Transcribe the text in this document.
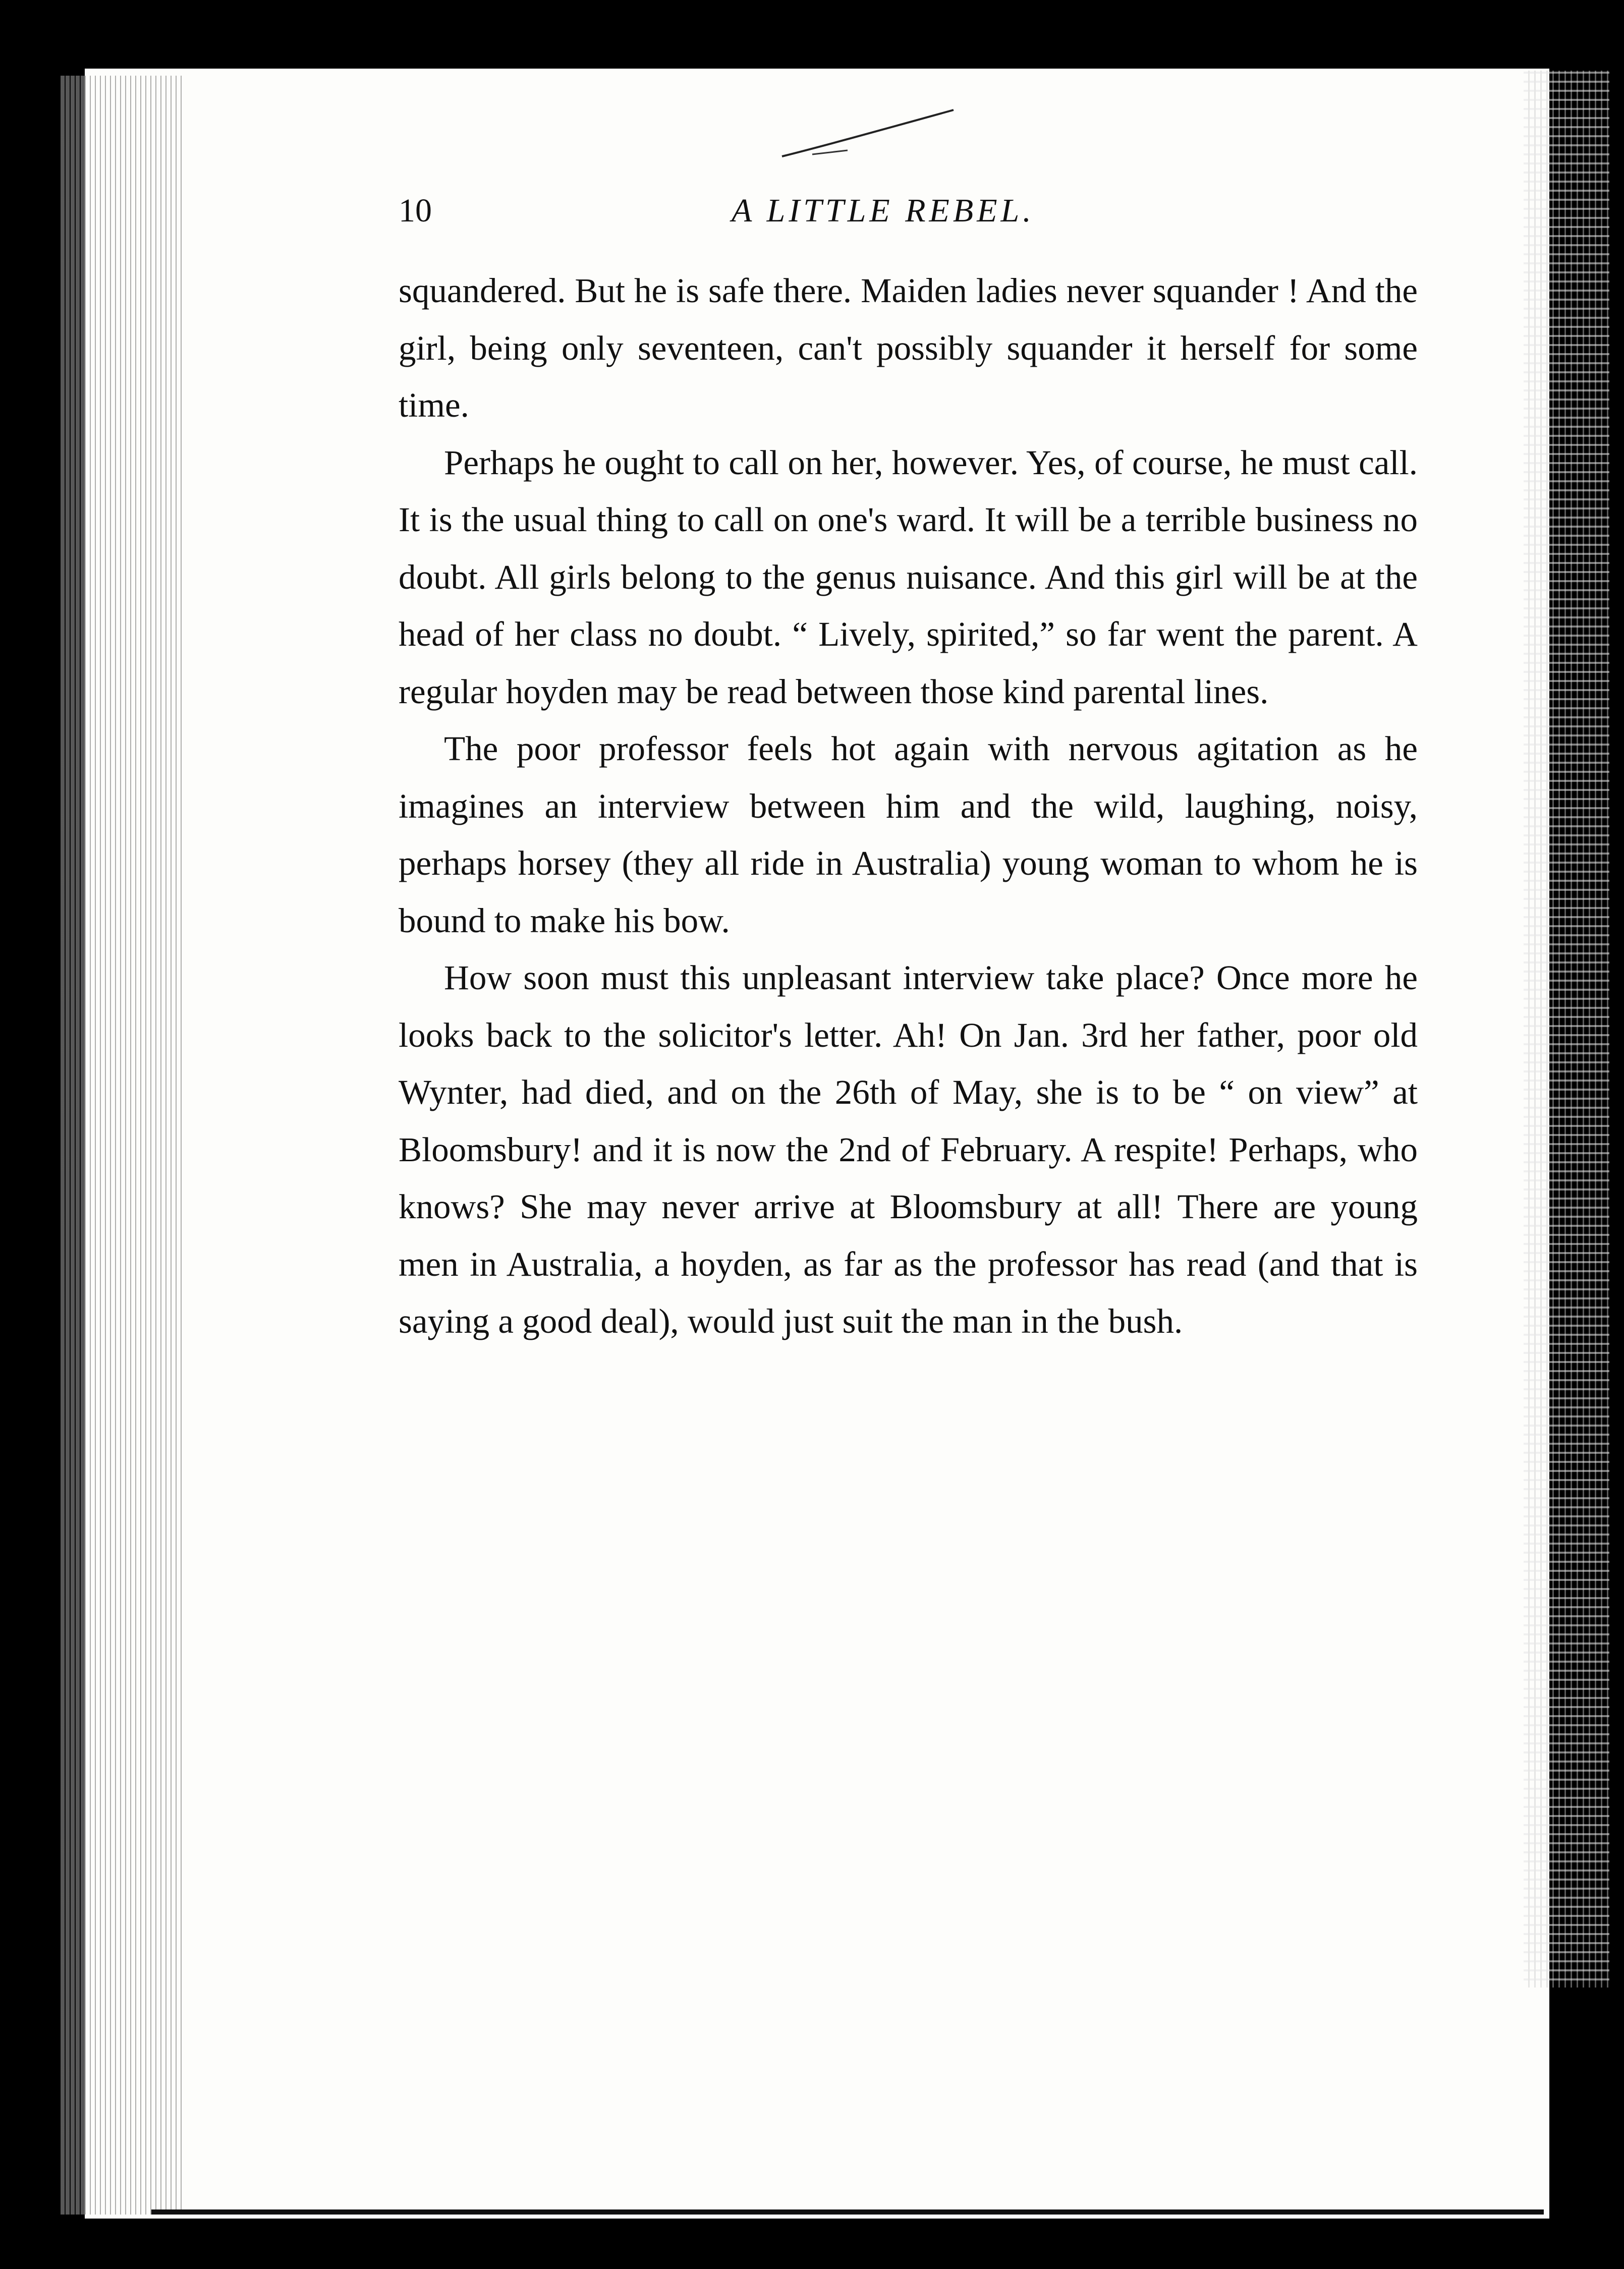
10	A LITTLE REBEL.

squandered. But he is safe there. Maiden ladies never squander ! And the girl, being only seventeen, can't possibly squander it herself for some time.

Perhaps he ought to call on her, however. Yes, of course, he must call. It is the usual thing to call on one's ward. It will be a terrible business no doubt. All girls belong to the genus nuisance. And this girl will be at the head of her class no doubt. “ Lively, spirited,” so far went the parent. A regular hoyden may be read between those kind parental lines.

The poor professor feels hot again with nervous agitation as he imagines an interview between him and the wild, laughing, noisy, perhaps horsey (they all ride in Australia) young woman to whom he is bound to make his bow.

How soon must this unpleasant interview take place? Once more he looks back to the solicitor's letter. Ah! On Jan. 3rd her father, poor old Wynter, had died, and on the 26th of May, she is to be “ on view” at Bloomsbury! and it is now the 2nd of February. A respite! Perhaps, who knows? She may never arrive at Bloomsbury at all! There are young men in Australia, a hoyden, as far as the professor has read (and that is saying a good deal), would just suit the man in the bush.
